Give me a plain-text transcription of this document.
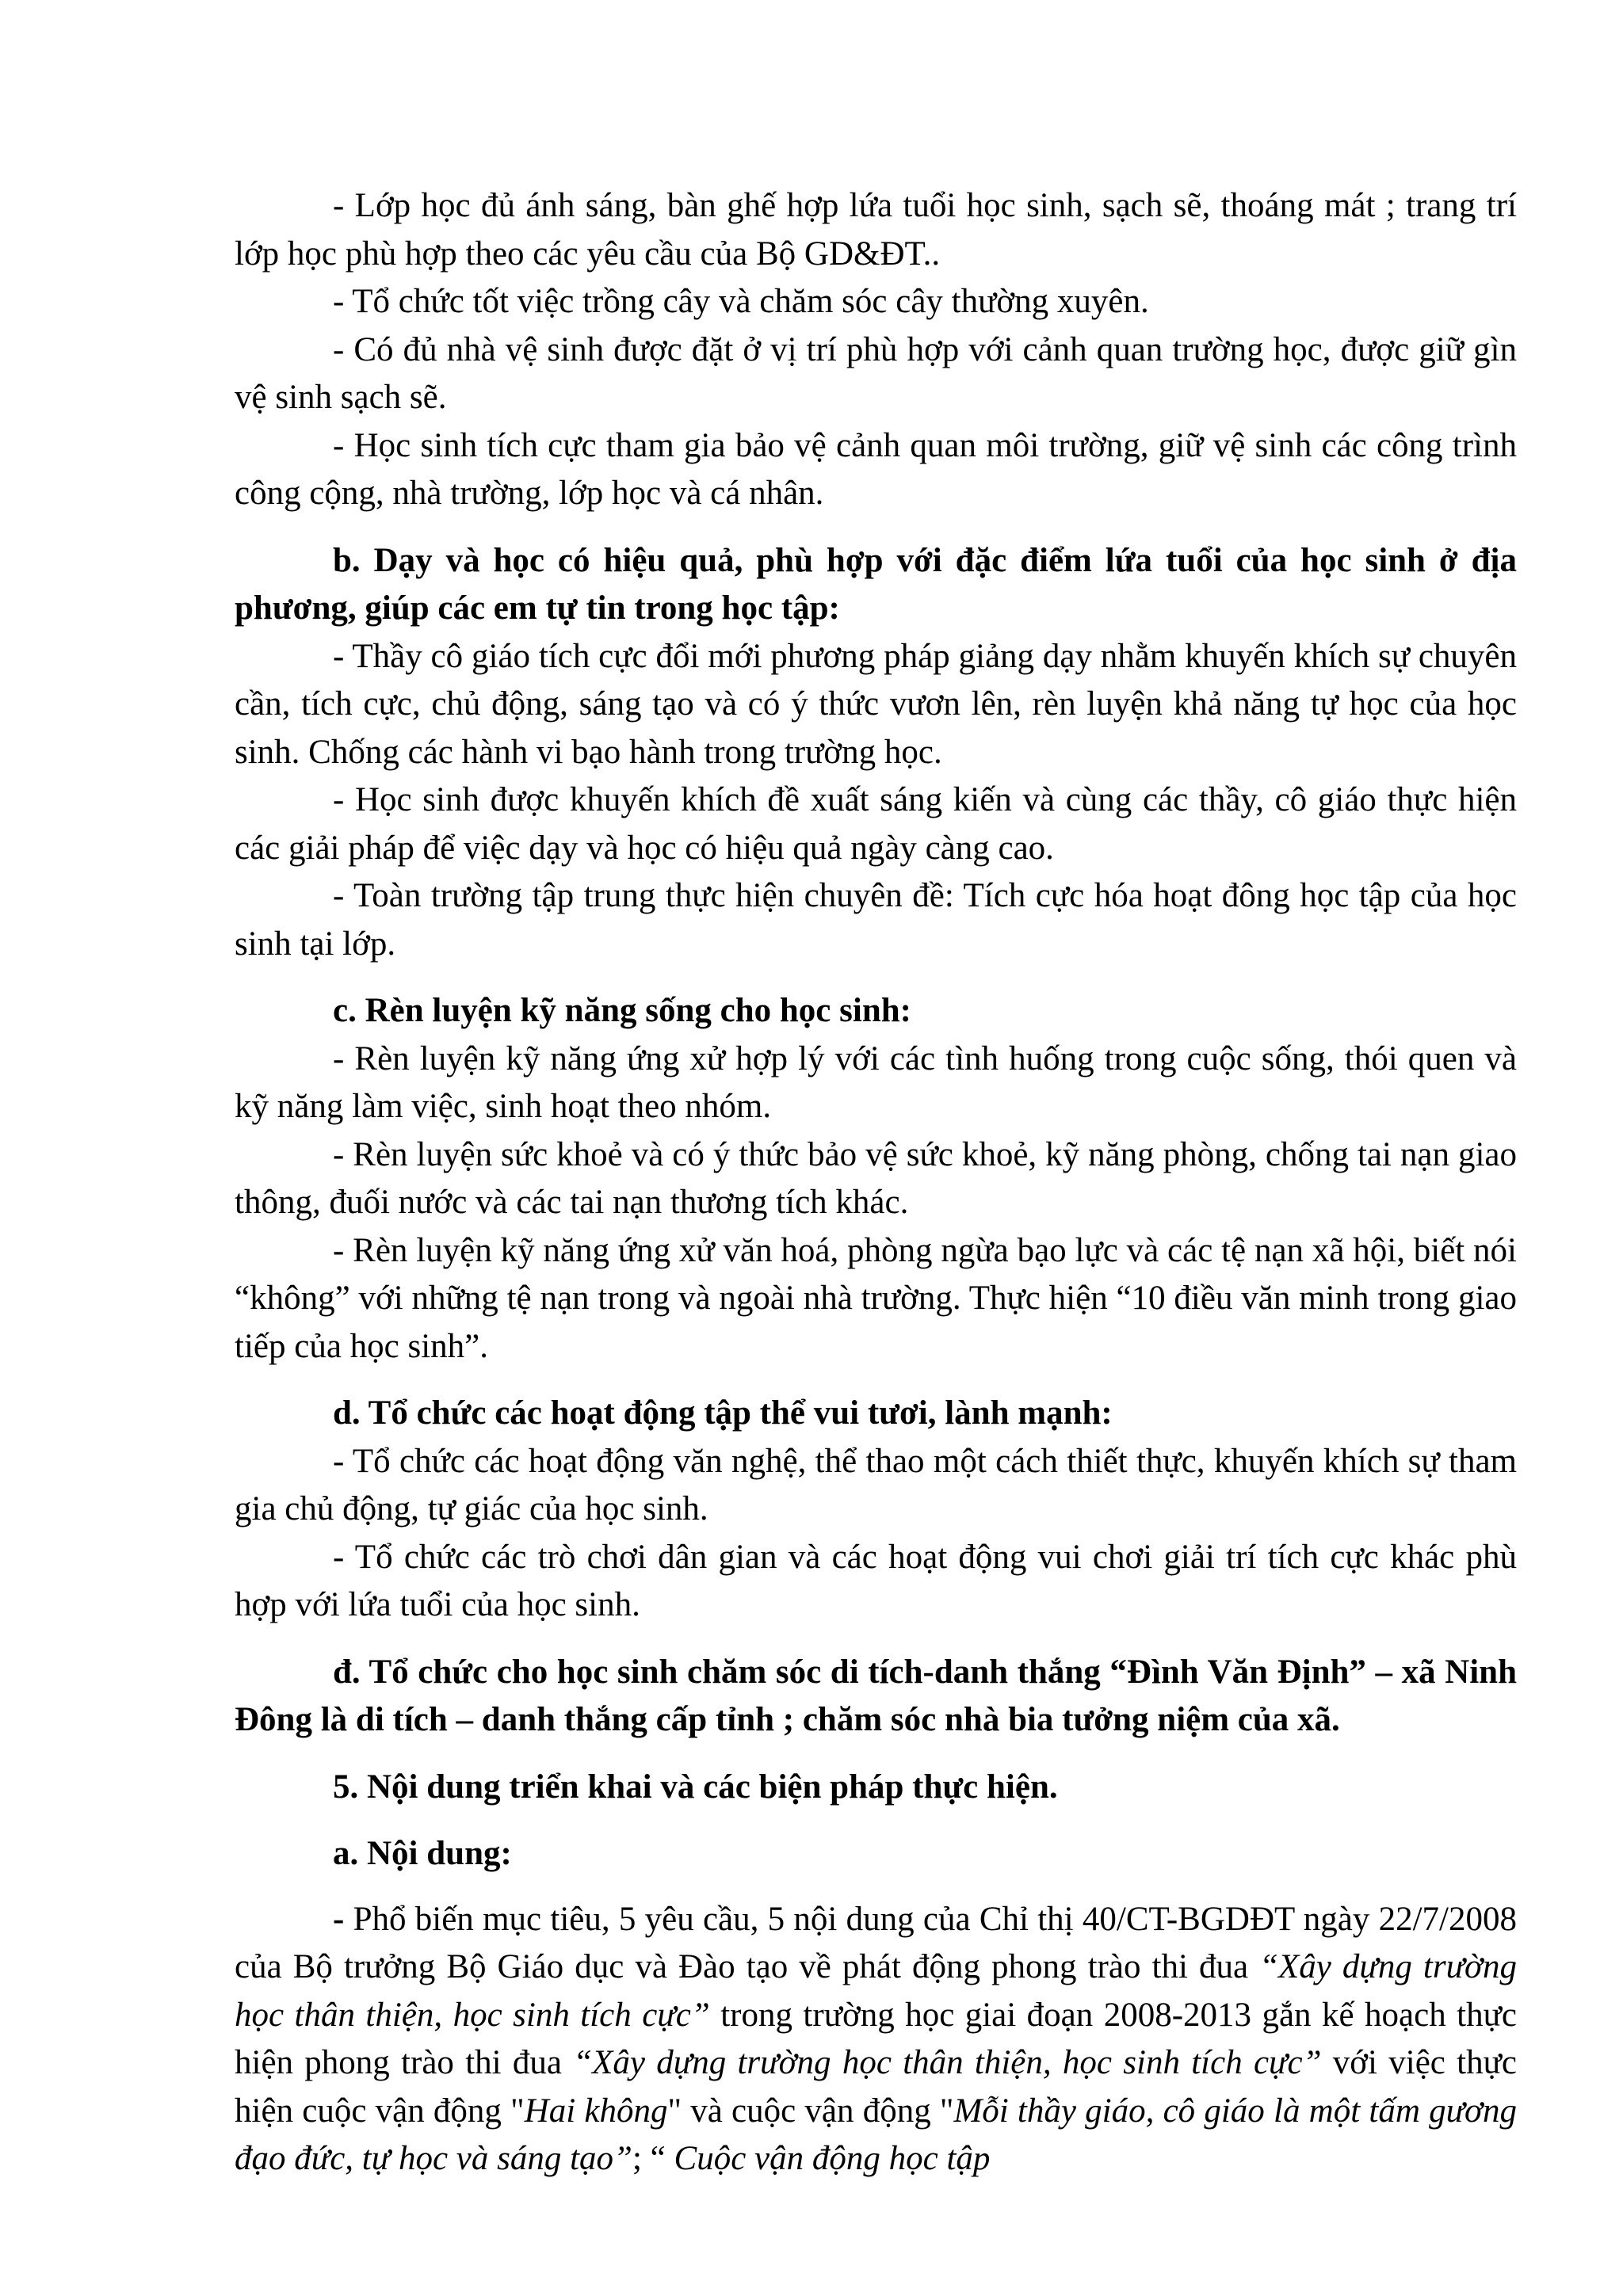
- Lớp học đủ ánh sáng, bàn ghế hợp lứa tuổi học sinh, sạch sẽ, thoáng mát ; trang trí lớp học phù hợp theo các yêu cầu của Bộ GD&ĐT..

- Tổ chức tốt việc trồng cây và chăm sóc cây thường xuyên.

- Có đủ nhà vệ sinh được đặt ở vị trí phù hợp với cảnh quan trường học, được giữ gìn vệ sinh sạch sẽ.

- Học sinh tích cực tham gia bảo vệ cảnh quan môi trường, giữ vệ sinh các công trình công cộng, nhà trường, lớp học và cá nhân.

b. Dạy và học có hiệu quả, phù hợp với đặc điểm lứa tuổi của học sinh ở địa phương, giúp các em tự tin trong học tập:

- Thầy cô giáo tích cực đổi mới phương pháp giảng dạy nhằm khuyến khích sự chuyên cần, tích cực, chủ động, sáng tạo và có ý thức vươn lên, rèn luyện khả năng tự học của học sinh. Chống các hành vi bạo hành trong trường học.

- Học sinh được khuyến khích đề xuất sáng kiến và cùng các thầy, cô giáo thực hiện các giải pháp để việc dạy và học có hiệu quả ngày càng cao.

- Toàn trường tập trung thực hiện chuyên đề: Tích cực hóa hoạt đông học tập của học sinh tại lớp.

c. Rèn luyện kỹ năng sống cho học sinh:

- Rèn luyện kỹ năng ứng xử hợp lý với các tình huống trong cuộc sống, thói quen và kỹ năng làm việc, sinh hoạt theo nhóm.

- Rèn luyện sức khoẻ và có ý thức bảo vệ sức khoẻ, kỹ năng phòng, chống tai nạn giao thông, đuối nước và các tai nạn thương tích khác.

- Rèn luyện kỹ năng ứng xử văn hoá, phòng ngừa bạo lực và các tệ nạn xã hội, biết nói “không” với những tệ nạn trong và ngoài nhà trường. Thực hiện “10 điều văn minh trong giao tiếp của học sinh”.

d. Tổ chức các hoạt động tập thể vui tươi, lành mạnh:

- Tổ chức các hoạt động văn nghệ, thể thao một cách thiết thực, khuyến khích sự tham gia chủ động, tự giác của học sinh.

- Tổ chức các trò chơi dân gian và các hoạt động vui chơi giải trí tích cực khác phù hợp với lứa tuổi của học sinh.

đ. Tổ chức cho học sinh chăm sóc di tích-danh thắng “Đình Văn Định” – xã Ninh Đông là di tích – danh thắng cấp tỉnh ; chăm sóc nhà bia tưởng niệm của xã.

5. Nội dung triển khai và các biện pháp thực hiện.

a. Nội dung:

- Phổ biến mục tiêu, 5 yêu cầu, 5 nội dung của Chỉ thị 40/CT-BGDĐT ngày 22/7/2008 của Bộ trưởng Bộ Giáo dục và Đào tạo về phát động phong trào thi đua “Xây dựng trường học thân thiện, học sinh tích cực” trong trường học giai đoạn 2008-2013 gắn kế hoạch thực hiện phong trào thi đua “Xây dựng trường học thân thiện, học sinh tích cực” với việc thực hiện cuộc vận động "Hai không" và cuộc vận động "Mỗi thầy giáo, cô giáo là một tấm gương đạo đức, tự học và sáng tạo”; “ Cuộc vận động học tập
